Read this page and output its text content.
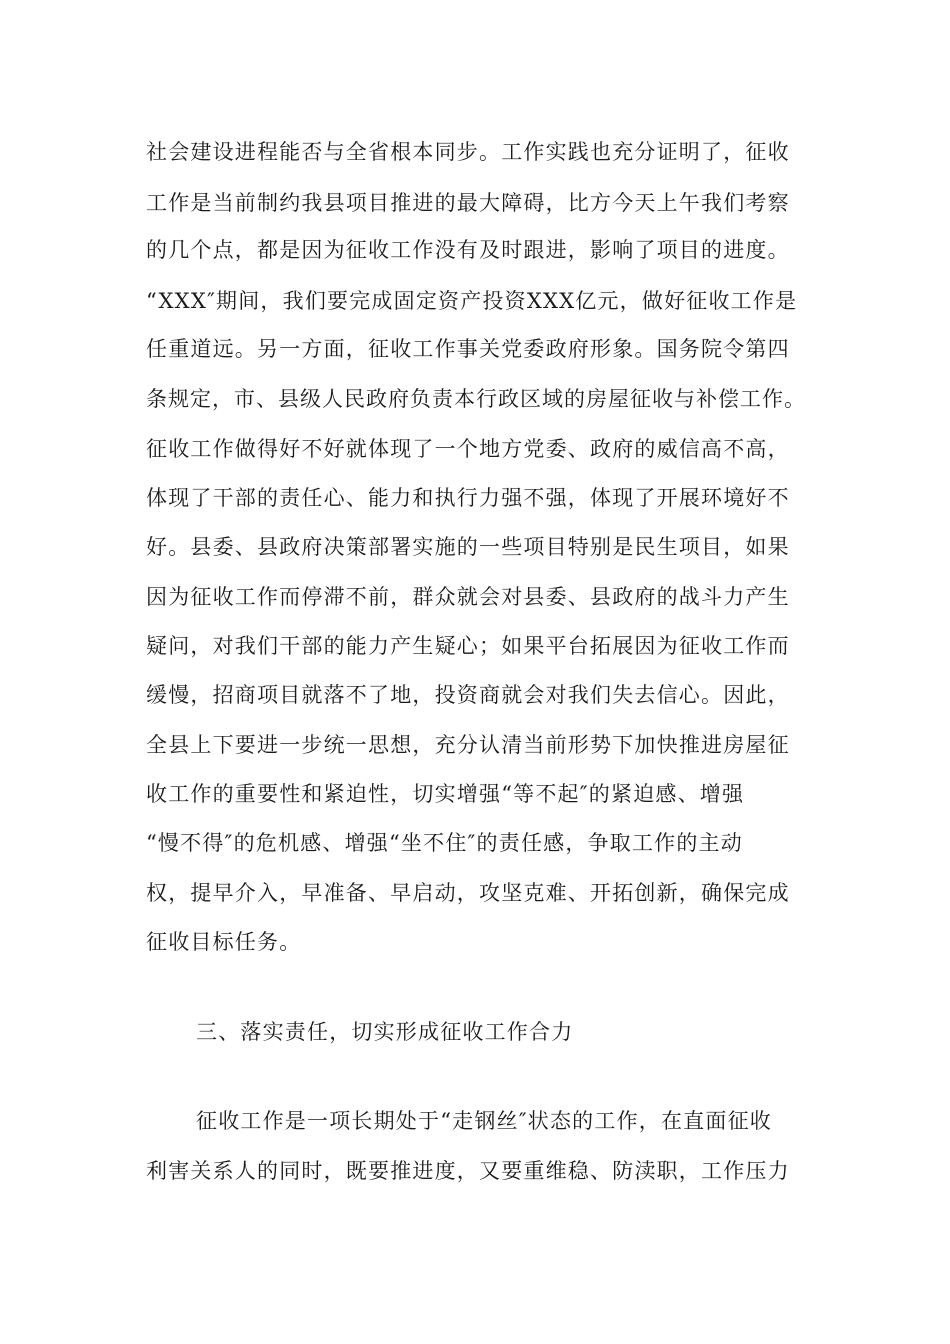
社会建设进程能否与全省根本同步。工作实践也充分证明了，征收

工作是当前制约我县项目推进的最大障碍，比方今天上午我们考察

的几个点，都是因为征收工作没有及时跟进，影响了项目的进度。

“XXX″期间，我们要完成固定资产投资XXX亿元，做好征收工作是

任重道远。另一方面，征收工作事关党委政府形象。国务院令第四

条规定，市、县级人民政府负责本行政区域的房屋征收与补偿工作。

征收工作做得好不好就体现了一个地方党委、政府的威信高不高，

体现了干部的责任心、能力和执行力强不强，体现了开展环境好不

好。县委、县政府决策部署实施的一些项目特别是民生项目，如果

因为征收工作而停滞不前，群众就会对县委、县政府的战斗力产生

疑问，对我们干部的能力产生疑心；如果平台拓展因为征收工作而

缓慢，招商项目就落不了地，投资商就会对我们失去信心。因此，

全县上下要进一步统一思想，充分认清当前形势下加快推进房屋征

收工作的重要性和紧迫性，切实增强“等不起″的紧迫感、增强

“慢不得″的危机感、增强“坐不住″的责任感，争取工作的主动

权，提早介入，早准备、早启动，攻坚克难、开拓创新，确保完成

征收目标任务。

三、落实责任，切实形成征收工作合力

征收工作是一项长期处于“走钢丝″状态的工作，在直面征收

利害关系人的同时，既要推进度，又要重维稳、防渎职，工作压力
